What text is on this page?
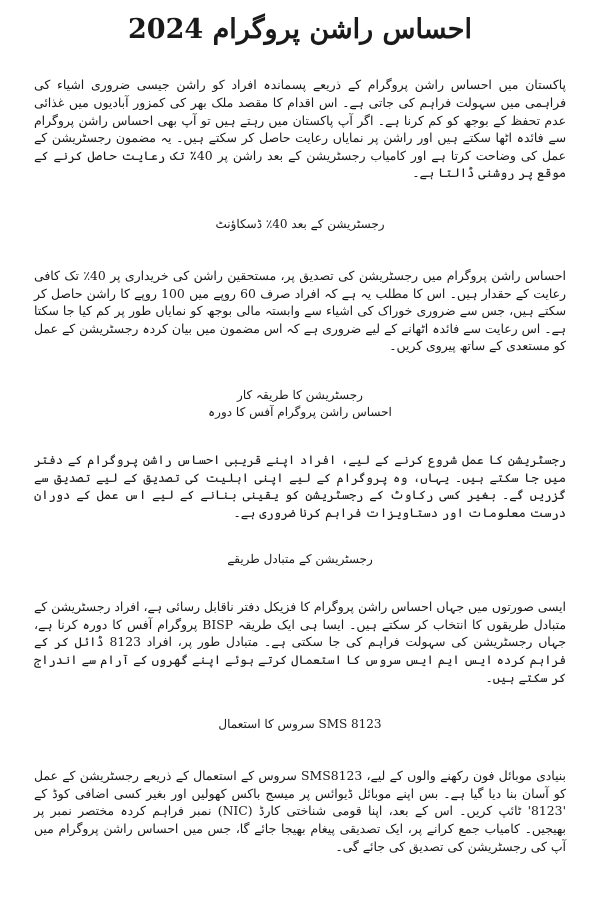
احساس راشن پروگرام 2024

پاکستان میں احساس راشن پروگرام کے ذریعے پسماندہ افراد کو راشن جیسی ضروری اشیاء کی فراہمی میں سہولت فراہم کی جاتی ہے۔ اس اقدام کا مقصد ملک بھر کی کمزور آبادیوں میں غذائی عدم تحفظ کے بوجھ کو کم کرنا ہے۔ اگر آپ پاکستان میں رہتے ہیں تو آپ بھی احساس راشن پروگرام سے فائدہ اٹھا سکتے ہیں اور راشن پر نمایاں رعایت حاصل کر سکتے ہیں۔ یہ مضمون رجسٹریشن کے عمل کی وضاحت کرتا ہے اور کامیاب رجسٹریشن کے بعد راشن پر 40٪ تک رعایت حاصل کرنے کے موقع پر روشنی ڈالتا ہے۔

رجسٹریشن کے بعد 40٪ ڈسکاؤنٹ

احساس راشن پروگرام میں رجسٹریشن کی تصدیق پر، مستحقین راشن کی خریداری پر 40٪ تک کافی رعایت کے حقدار ہیں۔ اس کا مطلب یہ ہے کہ افراد صرف 60 روپے میں 100 روپے کا راشن حاصل کر سکتے ہیں، جس سے ضروری خوراک کی اشیاء سے وابستہ مالی بوجھ کو نمایاں طور پر کم کیا جا سکتا ہے۔ اس رعایت سے فائدہ اٹھانے کے لیے ضروری ہے کہ اس مضمون میں بیان کردہ رجسٹریشن کے عمل کو مستعدی کے ساتھ پیروی کریں۔

رجسٹریشن کا طریقہ کار
احساس راشن پروگرام آفس کا دورہ

رجسٹریشن کا عمل شروع کرنے کے لیے، افراد اپنے قریبی احساس راشن پروگرام کے دفتر میں جا سکتے ہیں۔ یہاں، وہ پروگرام کے لیے اپنی اہلیت کی تصدیق کے لیے تصدیق سے گزریں گے۔ بغیر کسی رکاوٹ کے رجسٹریشن کو یقینی بنانے کے لیے اس عمل کے دوران درست معلومات اور دستاویزات فراہم کرنا ضروری ہے۔

رجسٹریشن کے متبادل طریقے

ایسی صورتوں میں جہاں احساس راشن پروگرام کا فزیکل دفتر ناقابل رسائی ہے، افراد رجسٹریشن کے متبادل طریقوں کا انتخاب کر سکتے ہیں۔ ایسا ہی ایک طریقہ BISP پروگرام آفس کا دورہ کرنا ہے، جہاں رجسٹریشن کی سہولت فراہم کی جا سکتی ہے۔ متبادل طور پر، افراد 8123 ڈائل کر کے فراہم کردہ ایس ایم ایس سروس کا استعمال کرتے ہوئے اپنے گھروں کے آرام سے اندراج کر سکتے ہیں۔

SMS 8123 سروس کا استعمال

بنیادی موبائل فون رکھنے والوں کے لیے، SMS8123 سروس کے استعمال کے ذریعے رجسٹریشن کے عمل کو آسان بنا دیا گیا ہے۔ بس اپنے موبائل ڈیوائس پر میسج باکس کھولیں اور بغیر کسی اضافی کوڈ کے '8123' ٹائپ کریں۔ اس کے بعد، اپنا قومی شناختی کارڈ (NIC) نمبر فراہم کردہ مختصر نمبر پر بھیجیں۔ کامیاب جمع کرانے پر، ایک تصدیقی پیغام بھیجا جائے گا، جس میں احساس راشن پروگرام میں آپ کی رجسٹریشن کی تصدیق کی جائے گی۔
